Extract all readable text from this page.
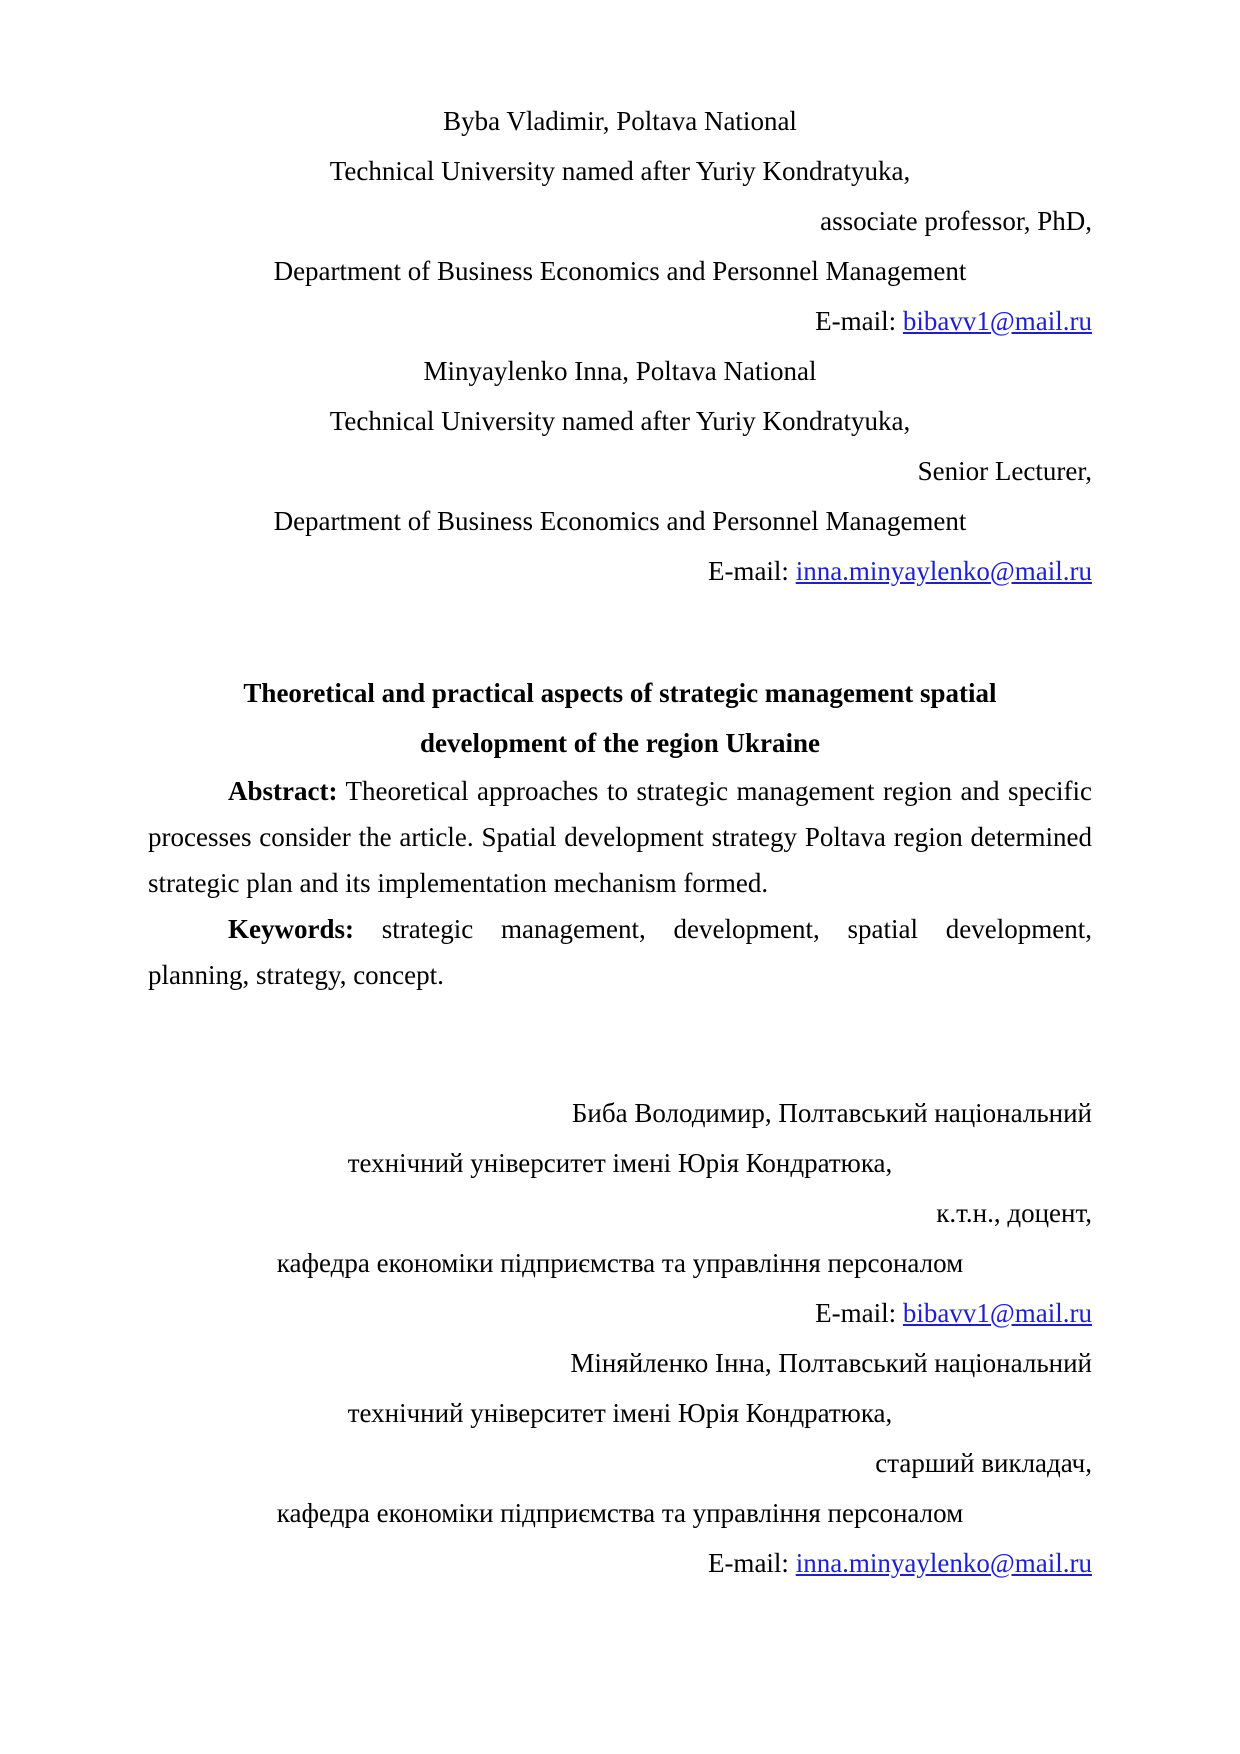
Byba Vladimir, Poltava National
Technical University named after Yuriy Kondratyuka,
associate professor, PhD,
Department of Business Economics and Personnel Management
E-mail: bibavv1@mail.ru
Minyaylenko Inna, Poltava National
Technical University named after Yuriy Kondratyuka,
Senior Lecturer,
Department of Business Economics and Personnel Management
E-mail: inna.minyaylenko@mail.ru
Theoretical and practical aspects of strategic management spatial
development of the region Ukraine

Abstract: Theoretical approaches to strategic management region and specific processes consider the article. Spatial development strategy Poltava region determined strategic plan and its implementation mechanism formed.

Keywords: strategic management, development, spatial development, planning, strategy, concept.

Биба Володимир, Полтавський національний
технічний університет імені Юрія Кондратюка,
к.т.н., доцент,
кафедра економіки підприємства та управління персоналом
E-mail: bibavv1@mail.ru
Міняйленко Інна, Полтавський національний
технічний університет імені Юрія Кондратюка,
старший викладач,
кафедра економіки підприємства та управління персоналом
E-mail: inna.minyaylenko@mail.ru
